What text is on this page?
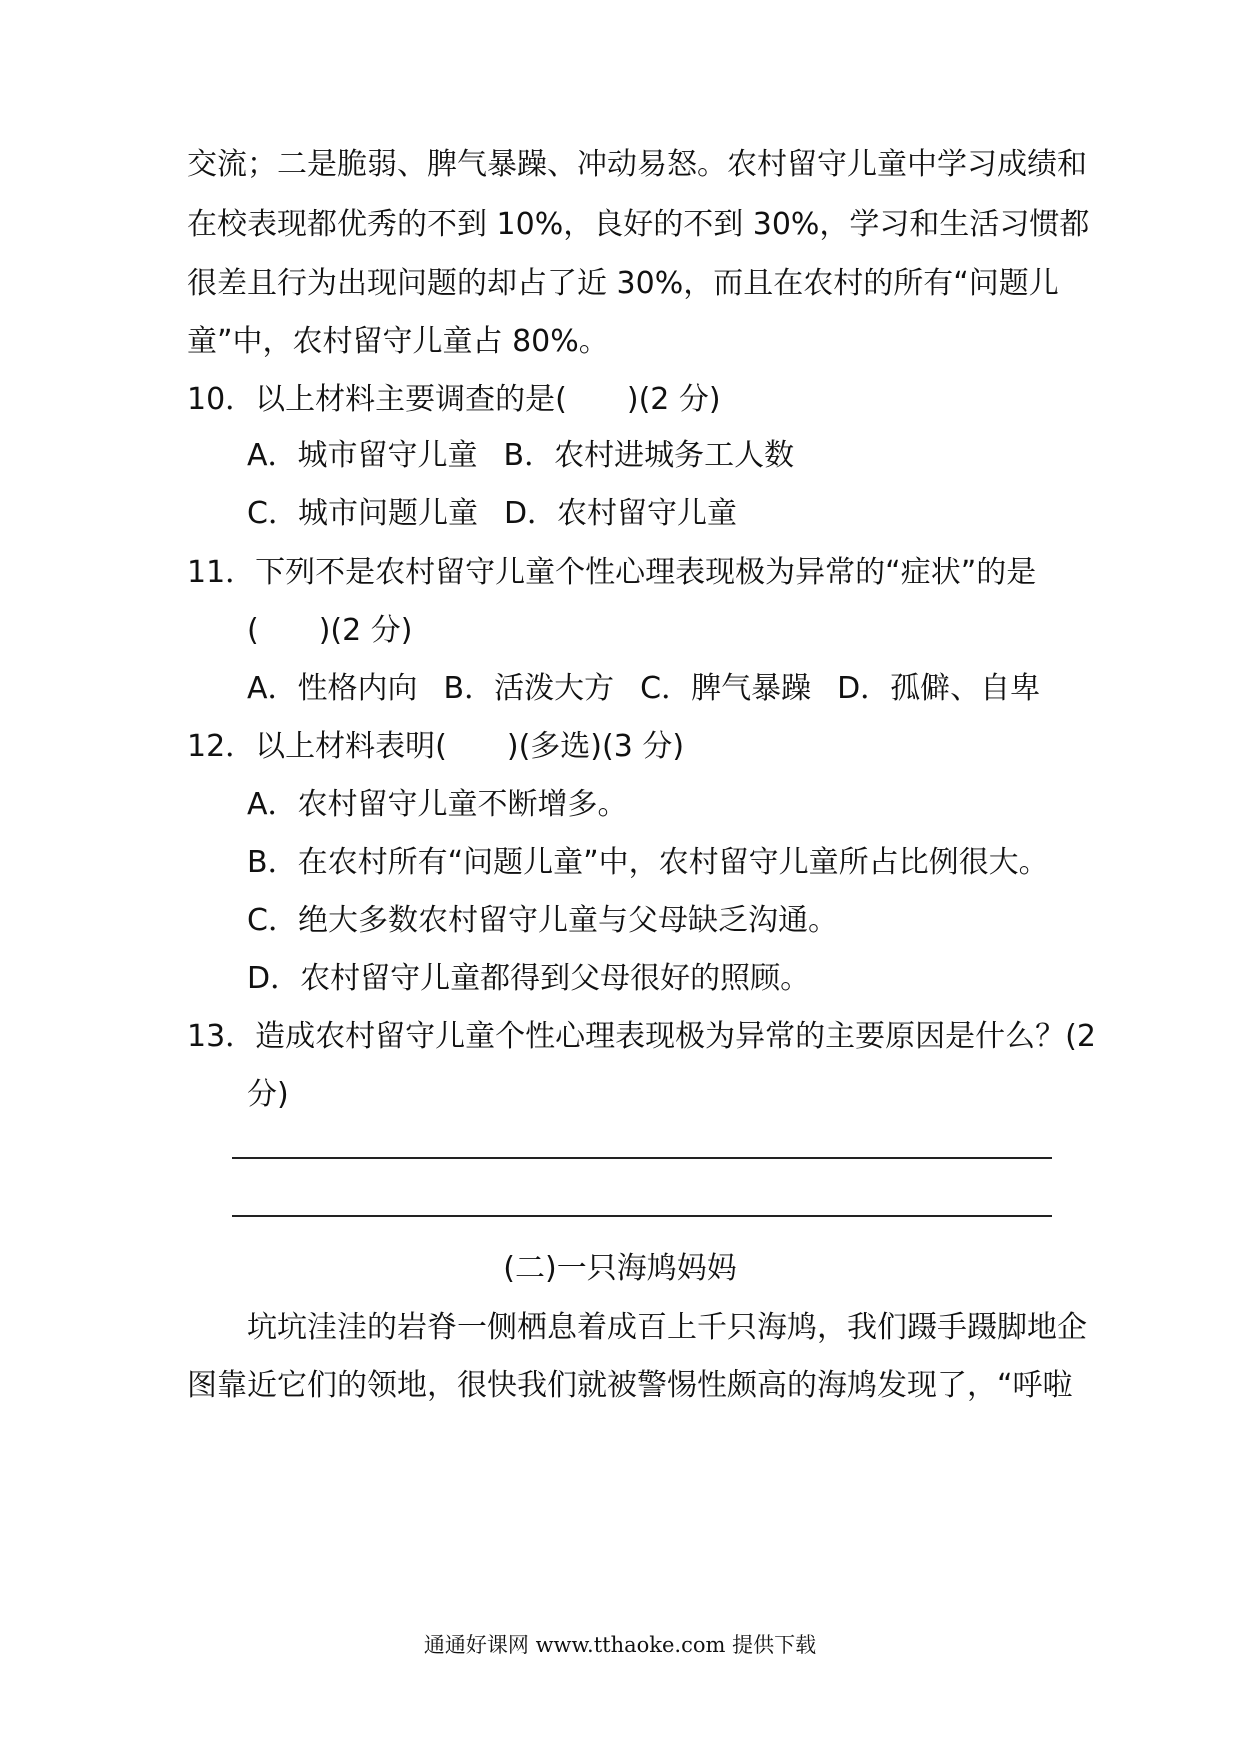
交流；二是脆弱、脾气暴躁、冲动易怒。农村留守儿童中学习成绩和
在校表现都优秀的不到 10%，良好的不到 30%，学习和生活习惯都
很差且行为出现问题的却占了近 30%，而且在农村的所有“问题儿
童”中，农村留守儿童占 80%。
10．以上材料主要调查的是(　　)(2 分)
A．城市留守儿童 B．农村进城务工人数
C．城市问题儿童 D．农村留守儿童
11．下列不是农村留守儿童个性心理表现极为异常的“症状”的是
(　　)(2 分)
A．性格内向 B．活泼大方 C．脾气暴躁 D．孤僻、自卑
12．以上材料表明(　　)(多选)(3 分)
A．农村留守儿童不断增多。
B．在农村所有“问题儿童”中，农村留守儿童所占比例很大。
C．绝大多数农村留守儿童与父母缺乏沟通。
D．农村留守儿童都得到父母很好的照顾。
13．造成农村留守儿童个性心理表现极为异常的主要原因是什么？(2
分)
(二)一只海鸠妈妈
坑坑洼洼的岩脊一侧栖息着成百上千只海鸠，我们蹑手蹑脚地企
图靠近它们的领地，很快我们就被警惕性颇高的海鸠发现了，“呼啦
通通好课网 www.tthaoke.com 提供下载
